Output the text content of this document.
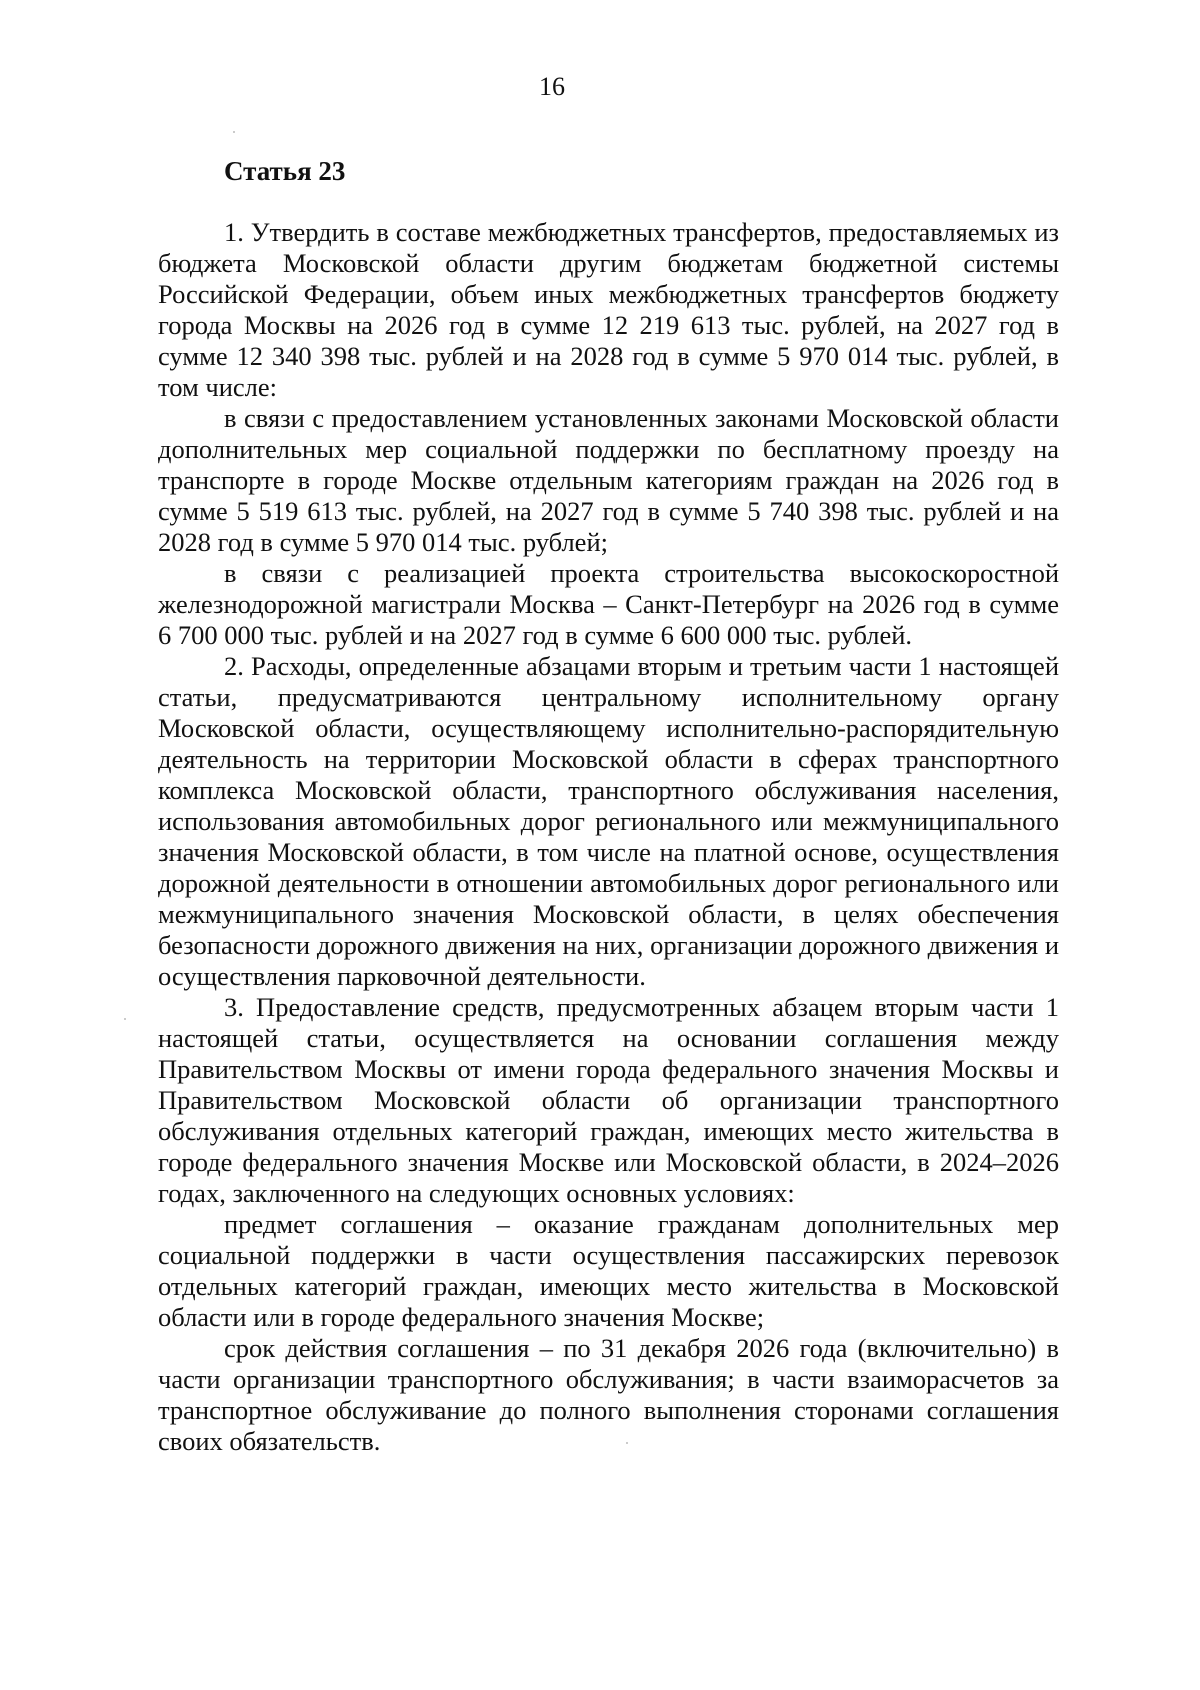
16
Статья 23

1. Утвердить в составе межбюджетных трансфертов, предоставляемых из бюджета Московской области другим бюджетам бюджетной системы Российской Федерации, объем иных межбюджетных трансфертов бюджету города Москвы на 2026 год в сумме 12 219 613 тыс. рублей, на 2027 год в сумме 12 340 398 тыс. рублей и на 2028 год в сумме 5 970 014 тыс. рублей, в том числе:

в связи с предоставлением установленных законами Московской области дополнительных мер социальной поддержки по бесплатному проезду на транспорте в городе Москве отдельным категориям граждан на 2026 год в сумме 5 519 613 тыс. рублей, на 2027 год в сумме 5 740 398 тыс. рублей и на 2028 год в сумме 5 970 014 тыс. рублей;

в связи с реализацией проекта строительства высокоскоростной железнодорожной магистрали Москва – Санкт-Петербург на 2026 год в сумме 6 700 000 тыс. рублей и на 2027 год в сумме 6 600 000 тыс. рублей.

2. Расходы, определенные абзацами вторым и третьим части 1 настоящей статьи, предусматриваются центральному исполнительному органу Московской области, осуществляющему исполнительно-распорядительную деятельность на территории Московской области в сферах транспортного комплекса Московской области, транспортного обслуживания населения, использования автомобильных дорог регионального или межмуниципального значения Московской области, в том числе на платной основе, осуществления дорожной деятельности в отношении автомобильных дорог регионального или межмуниципального значения Московской области, в целях обеспечения безопасности дорожного движения на них, организации дорожного движения и осуществления парковочной деятельности.

3. Предоставление средств, предусмотренных абзацем вторым части 1 настоящей статьи, осуществляется на основании соглашения между Правительством Москвы от имени города федерального значения Москвы и Правительством Московской области об организации транспортного обслуживания отдельных категорий граждан, имеющих место жительства в городе федерального значения Москве или Московской области, в 2024–2026 годах, заключенного на следующих основных условиях:

предмет соглашения – оказание гражданам дополнительных мер социальной поддержки в части осуществления пассажирских перевозок отдельных категорий граждан, имеющих место жительства в Московской области или в городе федерального значения Москве;

срок действия соглашения – по 31 декабря 2026 года (включительно) в части организации транспортного обслуживания; в части взаиморасчетов за транспортное обслуживание до полного выполнения сторонами соглашения своих обязательств.
